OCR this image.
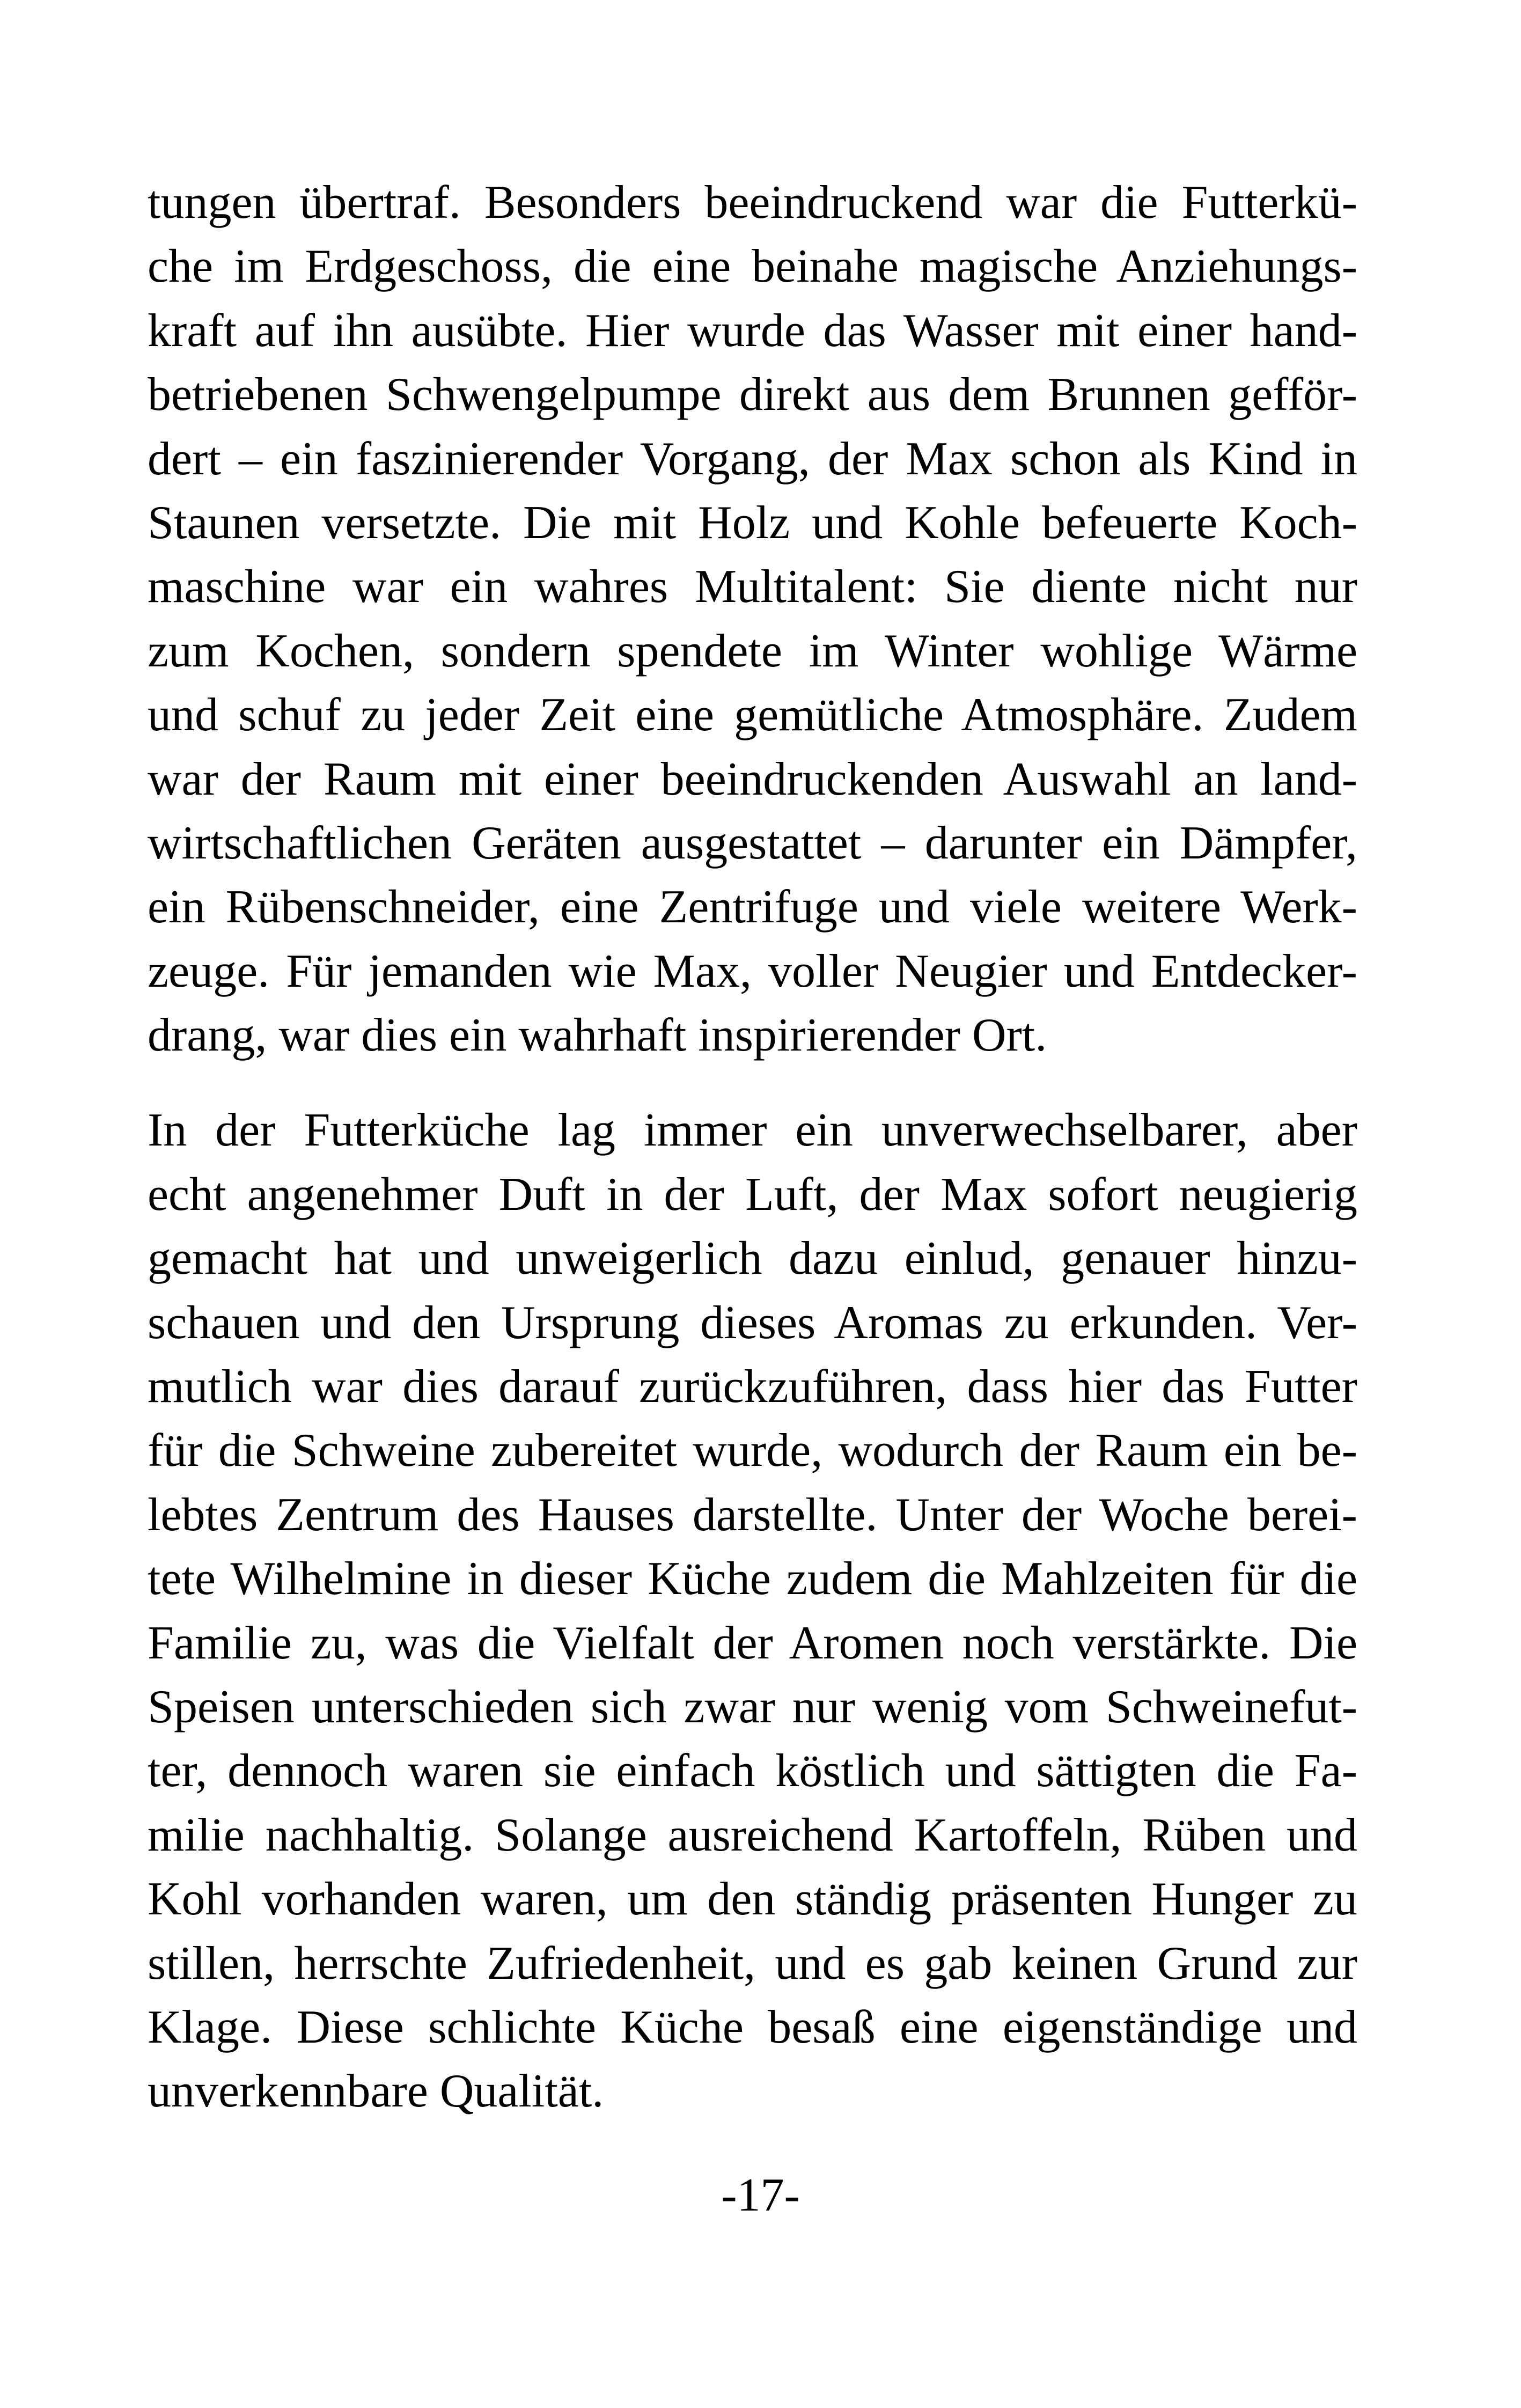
tungen übertraf. Besonders beeindruckend war die Futterkü-
che im Erdgeschoss, die eine beinahe magische Anziehungs-
kraft auf ihn ausübte. Hier wurde das Wasser mit einer hand-
betriebenen Schwengelpumpe direkt aus dem Brunnen gefför-
dert – ein faszinierender Vorgang, der Max schon als Kind in
Staunen versetzte. Die mit Holz und Kohle befeuerte Koch-
maschine war ein wahres Multitalent: Sie diente nicht nur
zum Kochen, sondern spendete im Winter wohlige Wärme
und schuf zu jeder Zeit eine gemütliche Atmosphäre. Zudem
war der Raum mit einer beeindruckenden Auswahl an land-
wirtschaftlichen Geräten ausgestattet – darunter ein Dämpfer,
ein Rübenschneider, eine Zentrifuge und viele weitere Werk-
zeuge. Für jemanden wie Max, voller Neugier und Entdecker-
drang, war dies ein wahrhaft inspirierender Ort.

In der Futterküche lag immer ein unverwechselbarer, aber
echt angenehmer Duft in der Luft, der Max sofort neugierig
gemacht hat und unweigerlich dazu einlud, genauer hinzu-
schauen und den Ursprung dieses Aromas zu erkunden. Ver-
mutlich war dies darauf zurückzuführen, dass hier das Futter
für die Schweine zubereitet wurde, wodurch der Raum ein be-
lebtes Zentrum des Hauses darstellte. Unter der Woche berei-
tete Wilhelmine in dieser Küche zudem die Mahlzeiten für die
Familie zu, was die Vielfalt der Aromen noch verstärkte. Die
Speisen unterschieden sich zwar nur wenig vom Schweinefut-
ter, dennoch waren sie einfach köstlich und sättigten die Fa-
milie nachhaltig. Solange ausreichend Kartoffeln, Rüben und
Kohl vorhanden waren, um den ständig präsenten Hunger zu
stillen, herrschte Zufriedenheit, und es gab keinen Grund zur
Klage. Diese schlichte Küche besaß eine eigenständige und
unverkennbare Qualität.

-17-
